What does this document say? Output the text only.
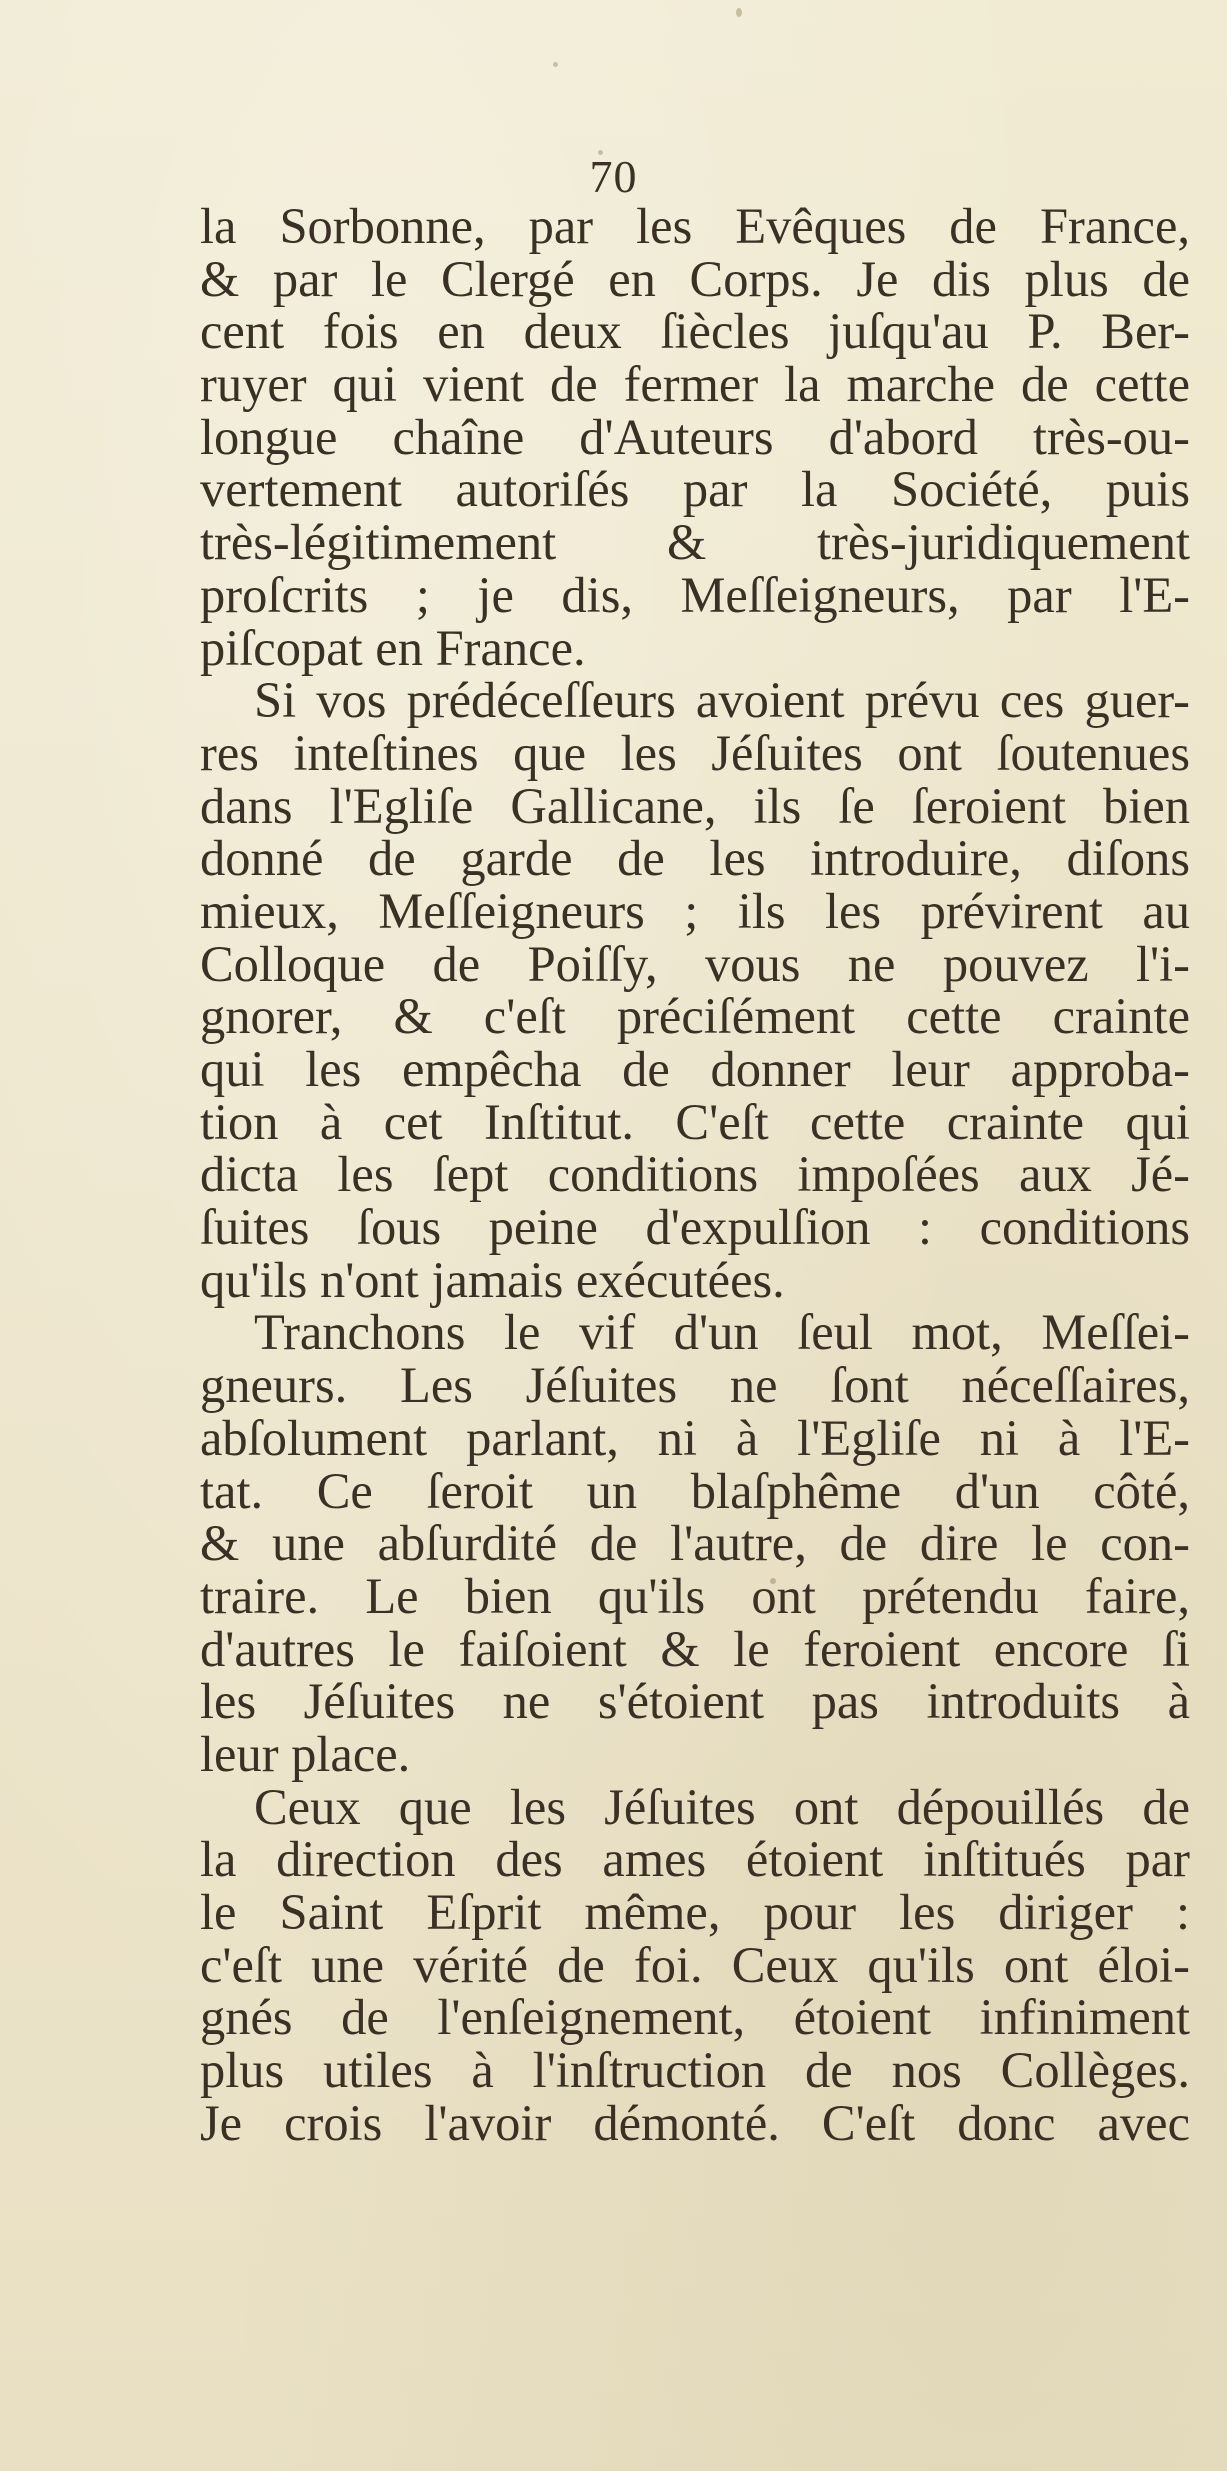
70
la Sorbonne, par les Evêques de France,
& par le Clergé en Corps. Je dis plus de
cent fois en deux ſiècles juſqu'au P. Ber-
ruyer qui vient de fermer la marche de cette
longue chaîne d'Auteurs d'abord très-ou-
vertement autoriſés par la Société, puis
très-légitimement & très-juridiquement
proſcrits ; je dis, Meſſeigneurs, par l'E-
piſcopat en France.
Si vos prédéceſſeurs avoient prévu ces guer-
res inteſtines que les Jéſuites ont ſoutenues
dans l'Egliſe Gallicane, ils ſe ſeroient bien
donné de garde de les introduire, diſons
mieux, Meſſeigneurs ; ils les prévirent au
Colloque de Poiſſy, vous ne pouvez l'i-
gnorer, & c'eſt préciſément cette crainte
qui les empêcha de donner leur approba-
tion à cet Inſtitut. C'eſt cette crainte qui
dicta les ſept conditions impoſées aux Jé-
ſuites ſous peine d'expulſion : conditions
qu'ils n'ont jamais exécutées.
Tranchons le vif d'un ſeul mot, Meſſei-
gneurs. Les Jéſuites ne ſont néceſſaires,
abſolument parlant, ni à l'Egliſe ni à l'E-
tat. Ce ſeroit un blaſphême d'un côté,
& une abſurdité de l'autre, de dire le con-
traire. Le bien qu'ils ont prétendu faire,
d'autres le faiſoient & le feroient encore ſi
les Jéſuites ne s'étoient pas introduits à
leur place.
Ceux que les Jéſuites ont dépouillés de
la direction des ames étoient inſtitués par
le Saint Eſprit même, pour les diriger :
c'eſt une vérité de foi. Ceux qu'ils ont éloi-
gnés de l'enſeignement, étoient infiniment
plus utiles à l'inſtruction de nos Collèges.
Je crois l'avoir démonté. C'eſt donc avec
